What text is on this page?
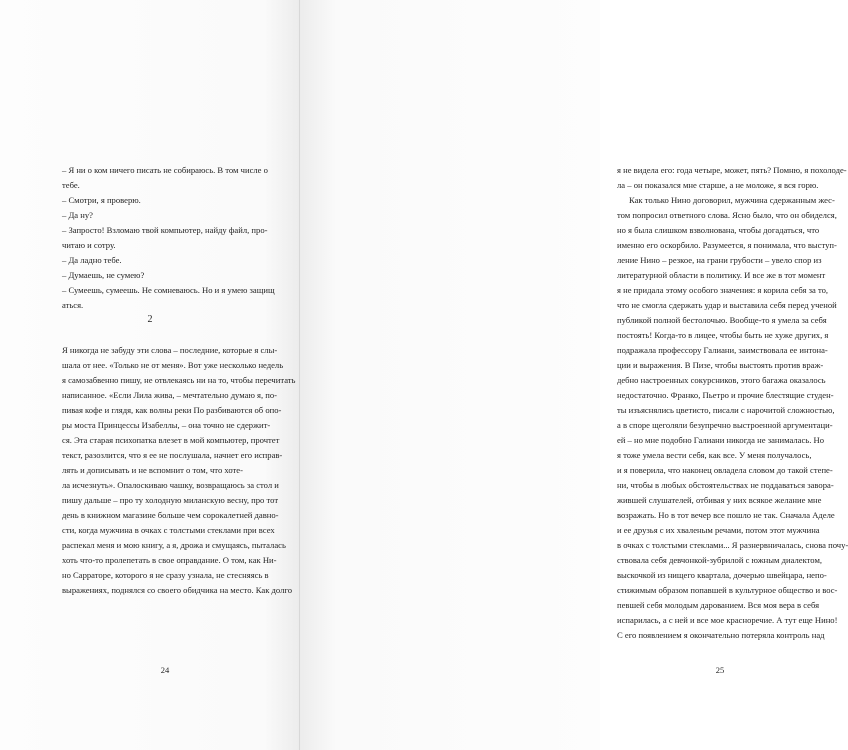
– Я ни о ком ничего писать не собираюсь. В том числе о
тебе.
– Смотри, я проверю.
– Да ну?
– Запросто! Взломаю твой компьютер, найду файл, про-
читаю и сотру.
– Да ладно тебе.
– Думаешь, не сумею?
– Сумеешь, сумеешь. Не сомневаюсь. Но и я умею защищ
аться.
2
Я никогда не забуду эти слова – последние, которые я слы-
шала от нее. «Только не от меня». Вот уже несколько недель
я самозабвенно пишу, не отвлекаясь ни на то, чтобы перечитать
написанное. «Если Лила жива, – мечтательно думаю я, по-
пивая кофе и глядя, как волны реки По разбиваются об опо-
ры моста Принцессы Изабеллы, – она точно не сдержит-
ся. Эта старая психопатка влезет в мой компьютер, прочтет
текст, разозлится, что я ее не послушала, начнет его исправ-
лять и дописывать и не вспомнит о том, что хоте-
ла исчезнуть». Опалоскиваю чашку, возвращаюсь за стол и
пишу дальше – про ту холодную миланскую весну, про тот
день в книжном магазине больше чем сорокалетней давно-
сти, когда мужчина в очках с толстыми стеклами при всех
распекал меня и мою книгу, а я, дрожа и смущаясь, пыталась
хоть что-то пролепетать в свое оправдание. О том, как Ни-
но Сарраторе, которого я не сразу узнала, не стесняясь в
выражениях, поднялся со своего обидчика на место. Как долго
24
я не видела его: года четыре, может, пять? Помню, я похолоде-
ла – он показался мне старше, а не моложе, я вся горю.
Как только Нино договорил, мужчина сдержанным жес-
том попросил ответного слова. Ясно было, что он обиделся,
но я была слишком взволнована, чтобы догадаться, что
именно его оскорбило. Разумеется, я понимала, что выступ-
ление Нино – резкое, на грани грубости – увело спор из
литературной области в политику. И все же в тот момент
я не придала этому особого значения: я корила себя за то,
что не смогла сдержать удар и выставила себя перед ученой
публикой полной бестолочью. Вообще-то я умела за себя
постоять! Когда-то в лицее, чтобы быть не хуже других, я
подражала профессору Галиани, заимствовала ее интона-
ции и выражения. В Пизе, чтобы выстоять против враж-
дебно настроенных сокурсников, этого багажа оказалось
недостаточно. Франко, Пьетро и прочие блестящие студен-
ты изъяснялись цветисто, писали с нарочитой сложностью,
а в споре щеголяли безупречно выстроенной аргументаци-
ей – но мне подобно Галиани никогда не занималась. Но
я тоже умела вести себя, как все. У меня получалось,
и я поверила, что наконец овладела словом до такой степе-
ни, чтобы в любых обстоятельствах не поддаваться завора-
жившей слушателей, отбивая у них всякое желание мне
возражать. Но в тот вечер все пошло не так. Сначала Аделе
и ее друзья с их хваленым речами, потом этот мужчина
в очках с толстыми стеклами... Я разнервничалась, снова почу-
ствовала себя девчонкой-зубрилой с южным диалектом,
выскочкой из нищего квартала, дочерью швейцара, непо-
стижимым образом попавшей в культурное общество и вос-
певшей себя молодым дарованием. Вся моя вера в себя
испарилась, а с ней и все мое красноречие. А тут еще Нино!
С его появлением я окончательно потеряла контроль над
25
